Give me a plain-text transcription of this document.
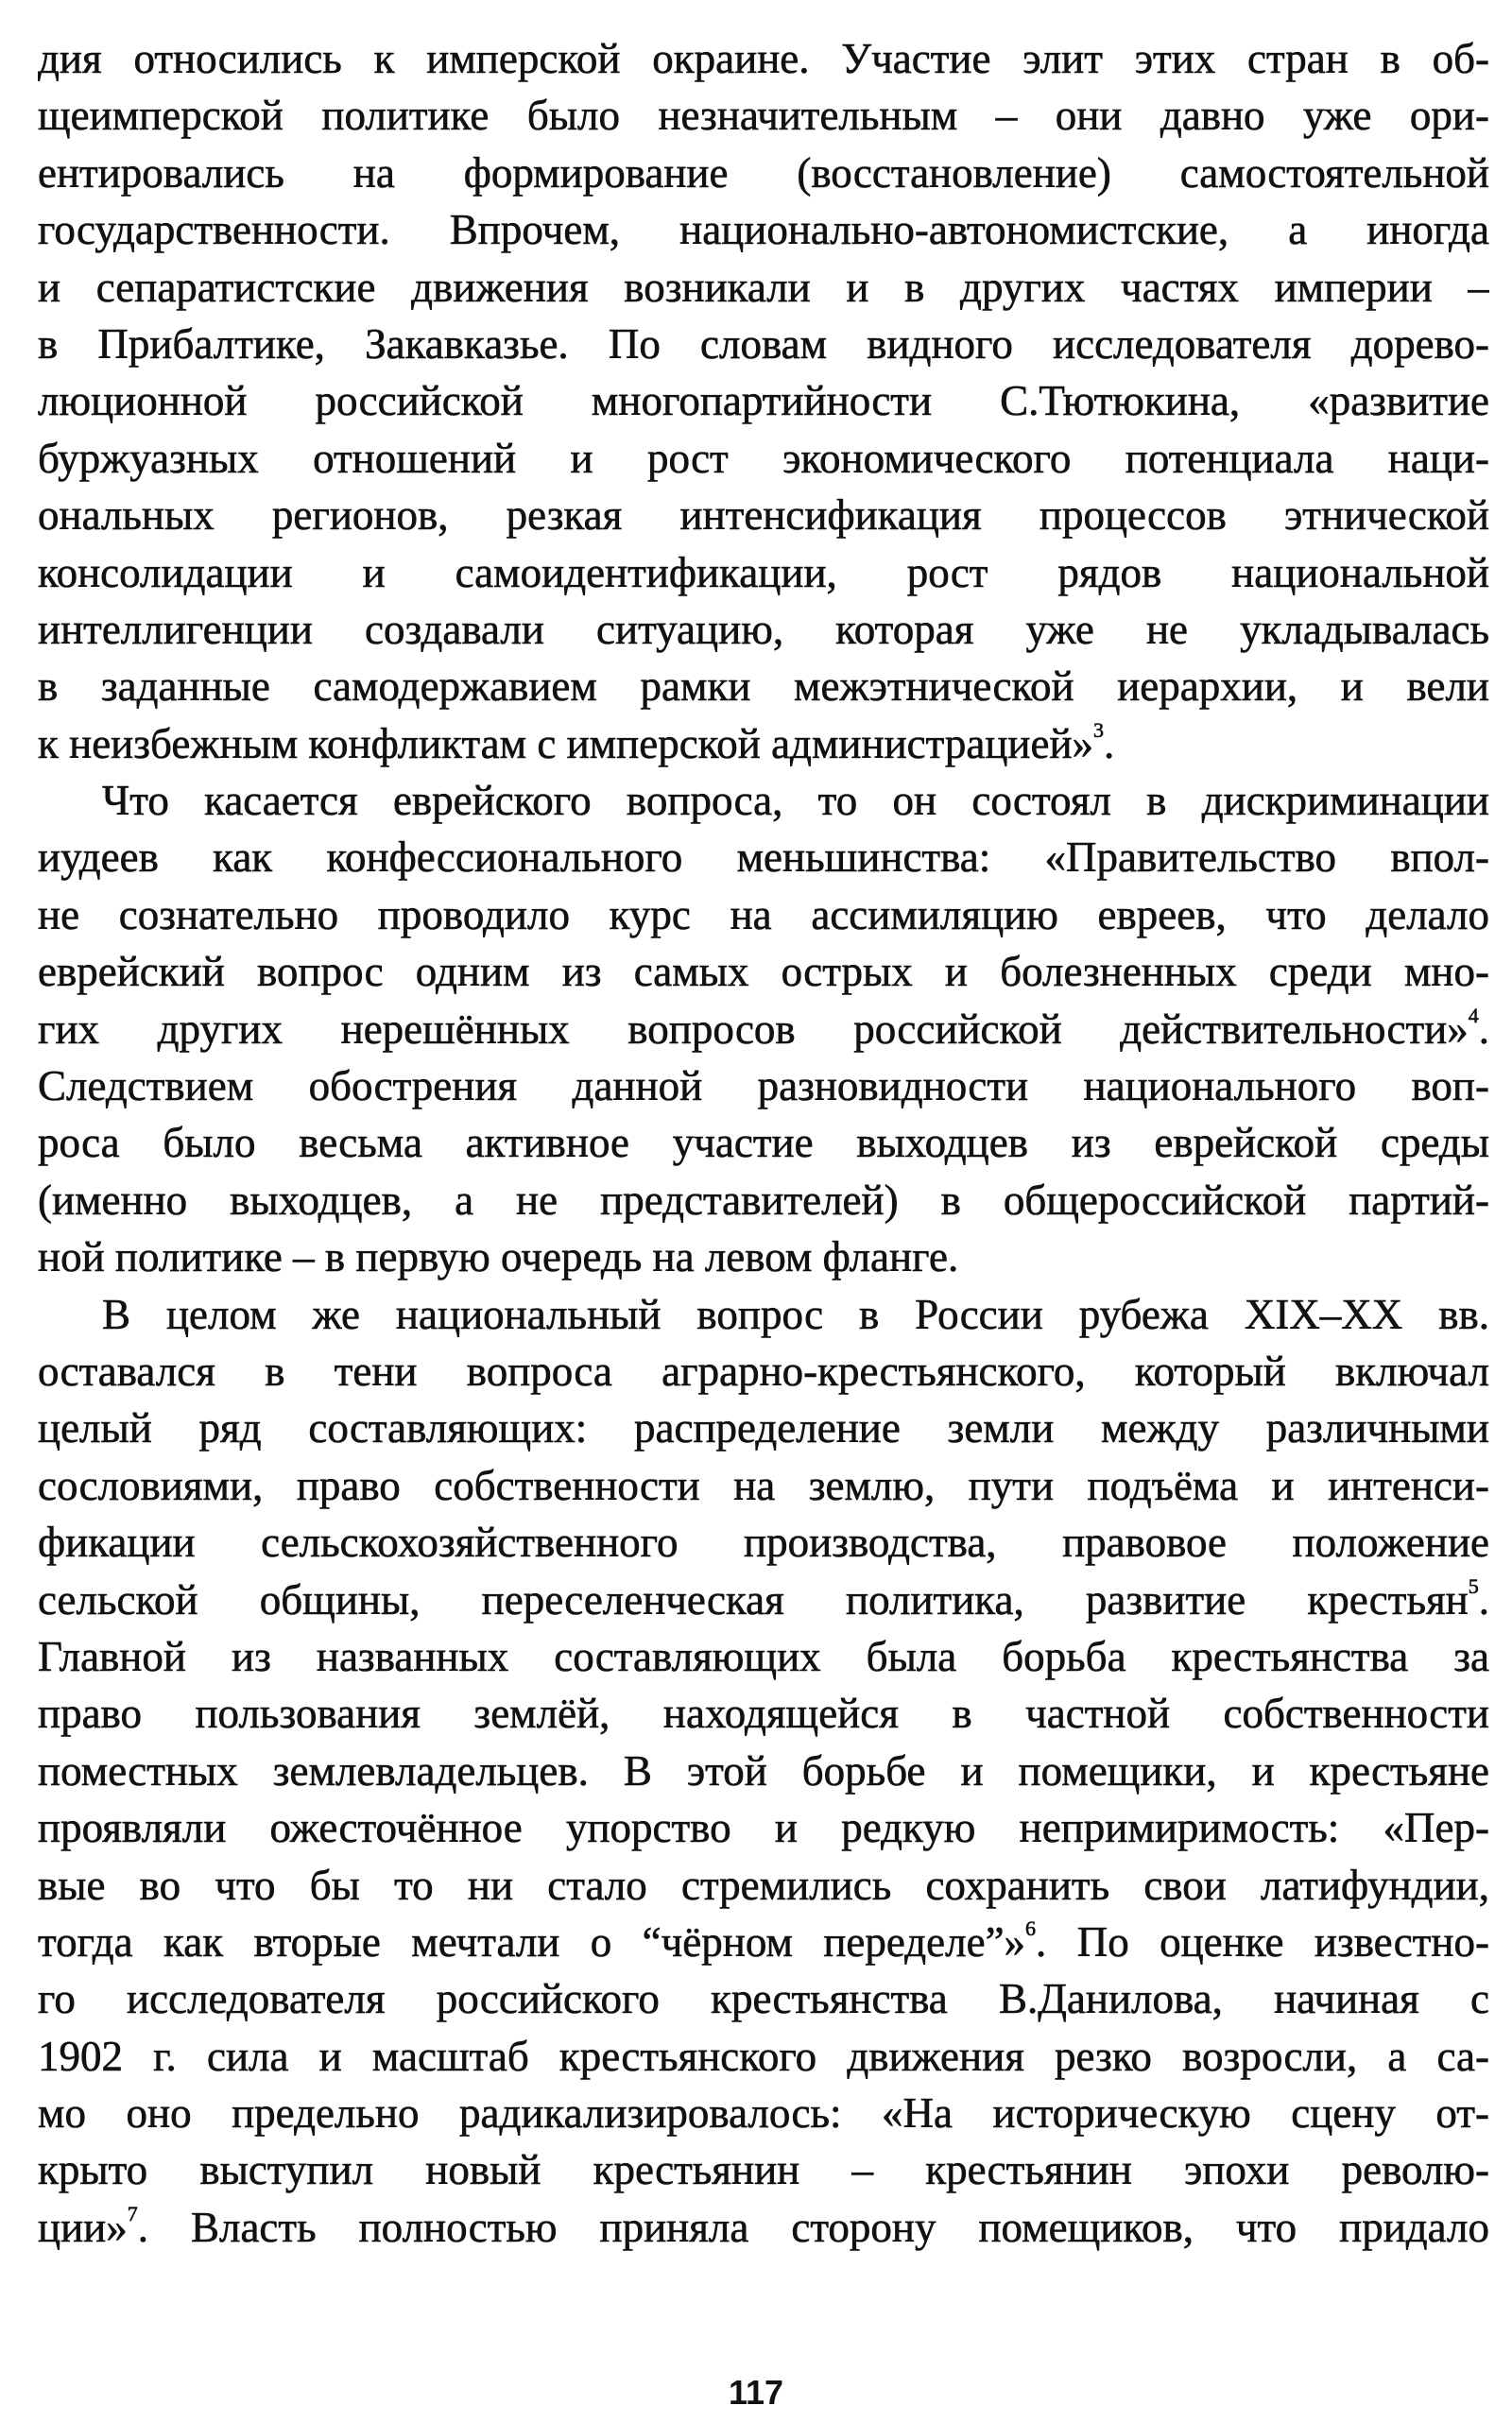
дия относились к имперской окраине. Участие элит этих стран в об-
щеимперской политике было незначительным – они давно уже ори-
ентировались на формирование (восстановление) самостоятельной
государственности. Впрочем, национально-автономистские, а иногда
и сепаратистские движения возникали и в других частях империи –
в Прибалтике, Закавказье. По словам видного исследователя дорево-
люционной российской многопартийности С.Тютюкина, «развитие
буржуазных отношений и рост экономического потенциала наци-
ональных регионов, резкая интенсификация процессов этнической
консолидации и самоидентификации, рост рядов национальной
интеллигенции создавали ситуацию, которая уже не укладывалась
в заданные самодержавием рамки межэтнической иерархии, и вели
к неизбежным конфликтам с имперской администрацией»$^3$.
Что касается еврейского вопроса, то он состоял в дискриминации
иудеев как конфессионального меньшинства: «Правительство впол-
не сознательно проводило курс на ассимиляцию евреев, что делало
еврейский вопрос одним из самых острых и болезненных среди мно-
гих других нерешённых вопросов российской действительности»$^4$.
Следствием обострения данной разновидности национального воп-
роса было весьма активное участие выходцев из еврейской среды
(именно выходцев, а не представителей) в общероссийской партий-
ной политике – в первую очередь на левом фланге.
В целом же национальный вопрос в России рубежа XIX–XX вв.
оставался в тени вопроса аграрно-крестьянского, который включал
целый ряд составляющих: распределение земли между различными
сословиями, право собственности на землю, пути подъёма и интенси-
фикации сельскохозяйственного производства, правовое положение
сельской общины, переселенческая политика, развитие крестьян$^5$.
Главной из названных составляющих была борьба крестьянства за
право пользования землёй, находящейся в частной собственности
поместных землевладельцев. В этой борьбе и помещики, и крестьяне
проявляли ожесточённое упорство и редкую непримиримость: «Пер-
вые во что бы то ни стало стремились сохранить свои латифундии,
тогда как вторые мечтали о “чёрном переделе”»$^6$. По оценке известно-
го исследователя российского крестьянства В.Данилова, начиная с
1902 г. сила и масштаб крестьянского движения резко возросли, а са-
мо оно предельно радикализировалось: «На историческую сцену от-
крыто выступил новый крестьянин – крестьянин эпохи револю-
ции»$^7$. Власть полностью приняла сторону помещиков, что придало
117
